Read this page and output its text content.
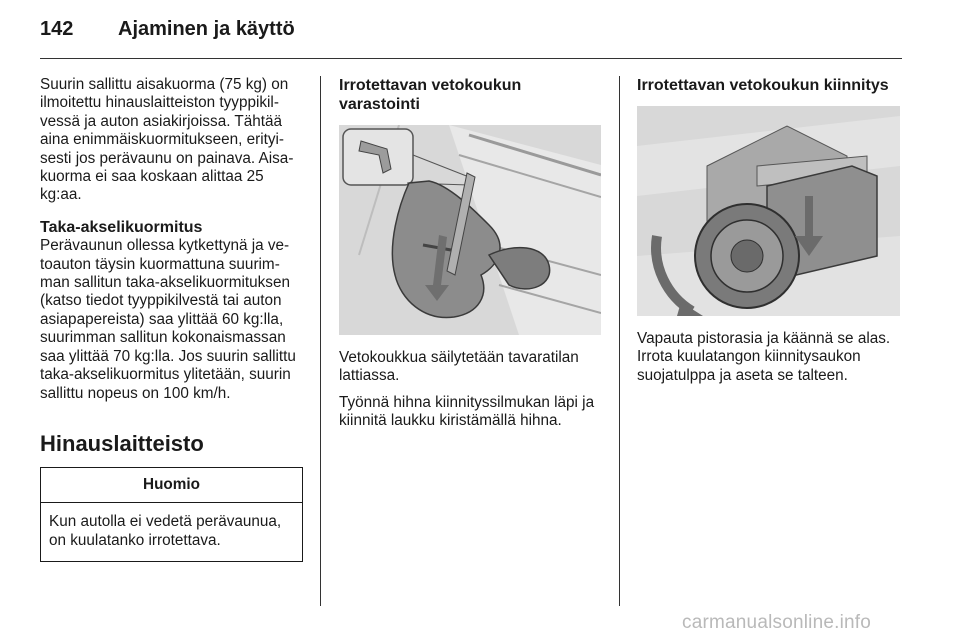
142 Ajaminen ja käyttö

Suurin sallittu aisakuorma (75 kg) on ilmoitettu hinauslaitteiston tyyppikilvessä ja auton asiakirjoissa. Tähtää aina enimmäiskuormitukseen, erityisesti jos perävaunu on painava. Aisakuorma ei saa koskaan alittaa 25 kg:aa.

Taka-akselikuormitus

Perävaunun ollessa kytkettynä ja vetoauton täysin kuormattuna suurimman sallitun taka-akselikuormituksen (katso tiedot tyyppikilvestä tai auton asiapapereista) saa ylittää 60 kg:lla, suurimman sallitun kokonaismassan saa ylittää 70 kg:lla. Jos suurin sallittu taka-akselikuormitus ylitetään, suurin sallittu nopeus on 100 km/h.

Hinauslaitteisto
Huomio
Kun autolla ei vedetä perävaunua, on kuulatanko irrotettava.
Irrotettavan vetokoukun varastointi

Vetokoukkua säilytetään tavaratilan lattiassa.

Työnnä hihna kiinnityssilmukan läpi ja kiinnitä laukku kiristämällä hihna.

Irrotettavan vetokoukun kiinnitys

Vapauta pistorasia ja käännä se alas. Irrota kuulatangon kiinnitysaukon suojatulppa ja aseta se talteen.

carmanualsonline.info
